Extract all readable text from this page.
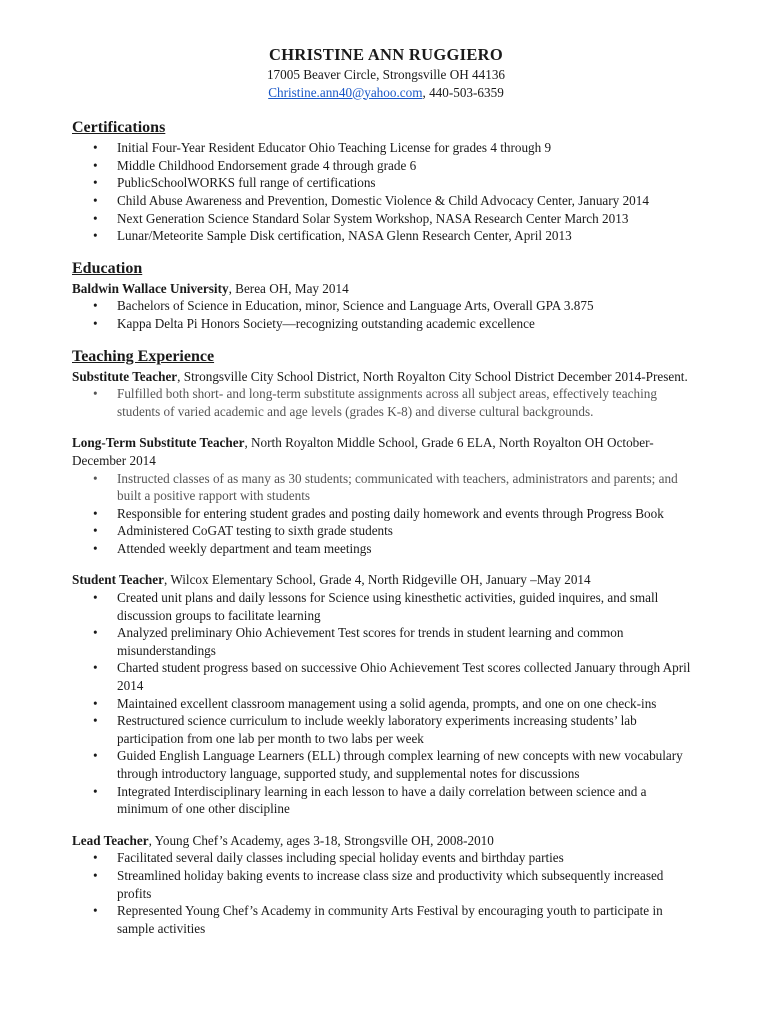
CHRISTINE ANN RUGGIERO
17005 Beaver Circle, Strongsville OH 44136
Christine.ann40@yahoo.com, 440-503-6359
Certifications
• Initial Four-Year Resident Educator Ohio Teaching License for grades 4 through 9
• Middle Childhood Endorsement grade 4 through grade 6
• PublicSchoolWORKS full range of certifications
• Child Abuse Awareness and Prevention, Domestic Violence & Child Advocacy Center, January 2014
• Next Generation Science Standard Solar System Workshop, NASA Research Center March 2013
• Lunar/Meteorite Sample Disk certification, NASA Glenn Research Center, April 2013
Education
Baldwin Wallace University, Berea OH, May 2014
• Bachelors of Science in Education, minor, Science and Language Arts, Overall GPA 3.875
• Kappa Delta Pi Honors Society—recognizing outstanding academic excellence
Teaching Experience
Substitute Teacher, Strongsville City School District, North Royalton City School District December 2014-Present.
• Fulfilled both short- and long-term substitute assignments across all subject areas, effectively teaching students of varied academic and age levels (grades K-8) and diverse cultural backgrounds.
Long-Term Substitute Teacher, North Royalton Middle School, Grade 6 ELA, North Royalton OH October-December 2014
• Instructed classes of as many as 30 students; communicated with teachers, administrators and parents; and built a positive rapport with students
• Responsible for entering student grades and posting daily homework and events through Progress Book
• Administered CoGAT testing to sixth grade students
• Attended weekly department and team meetings
Student Teacher, Wilcox Elementary School, Grade 4, North Ridgeville OH, January –May 2014
• Created unit plans and daily lessons for Science using kinesthetic activities, guided inquires, and small discussion groups to facilitate learning
• Analyzed preliminary Ohio Achievement Test scores for trends in student learning and common misunderstandings
• Charted student progress based on successive Ohio Achievement Test scores collected January through April 2014
• Maintained excellent classroom management using a solid agenda, prompts, and one on one check-ins
• Restructured science curriculum to include weekly laboratory experiments increasing students’ lab participation from one lab per month to two labs per week
• Guided English Language Learners (ELL) through complex learning of new concepts with new vocabulary through introductory language, supported study, and supplemental notes for discussions
• Integrated Interdisciplinary learning in each lesson to have a daily correlation between science and a minimum of one other discipline
Lead Teacher, Young Chef’s Academy, ages 3-18, Strongsville OH, 2008-2010
• Facilitated several daily classes including special holiday events and birthday parties
• Streamlined holiday baking events to increase class size and productivity which subsequently increased profits
• Represented Young Chef’s Academy in community Arts Festival by encouraging youth to participate in sample activities
